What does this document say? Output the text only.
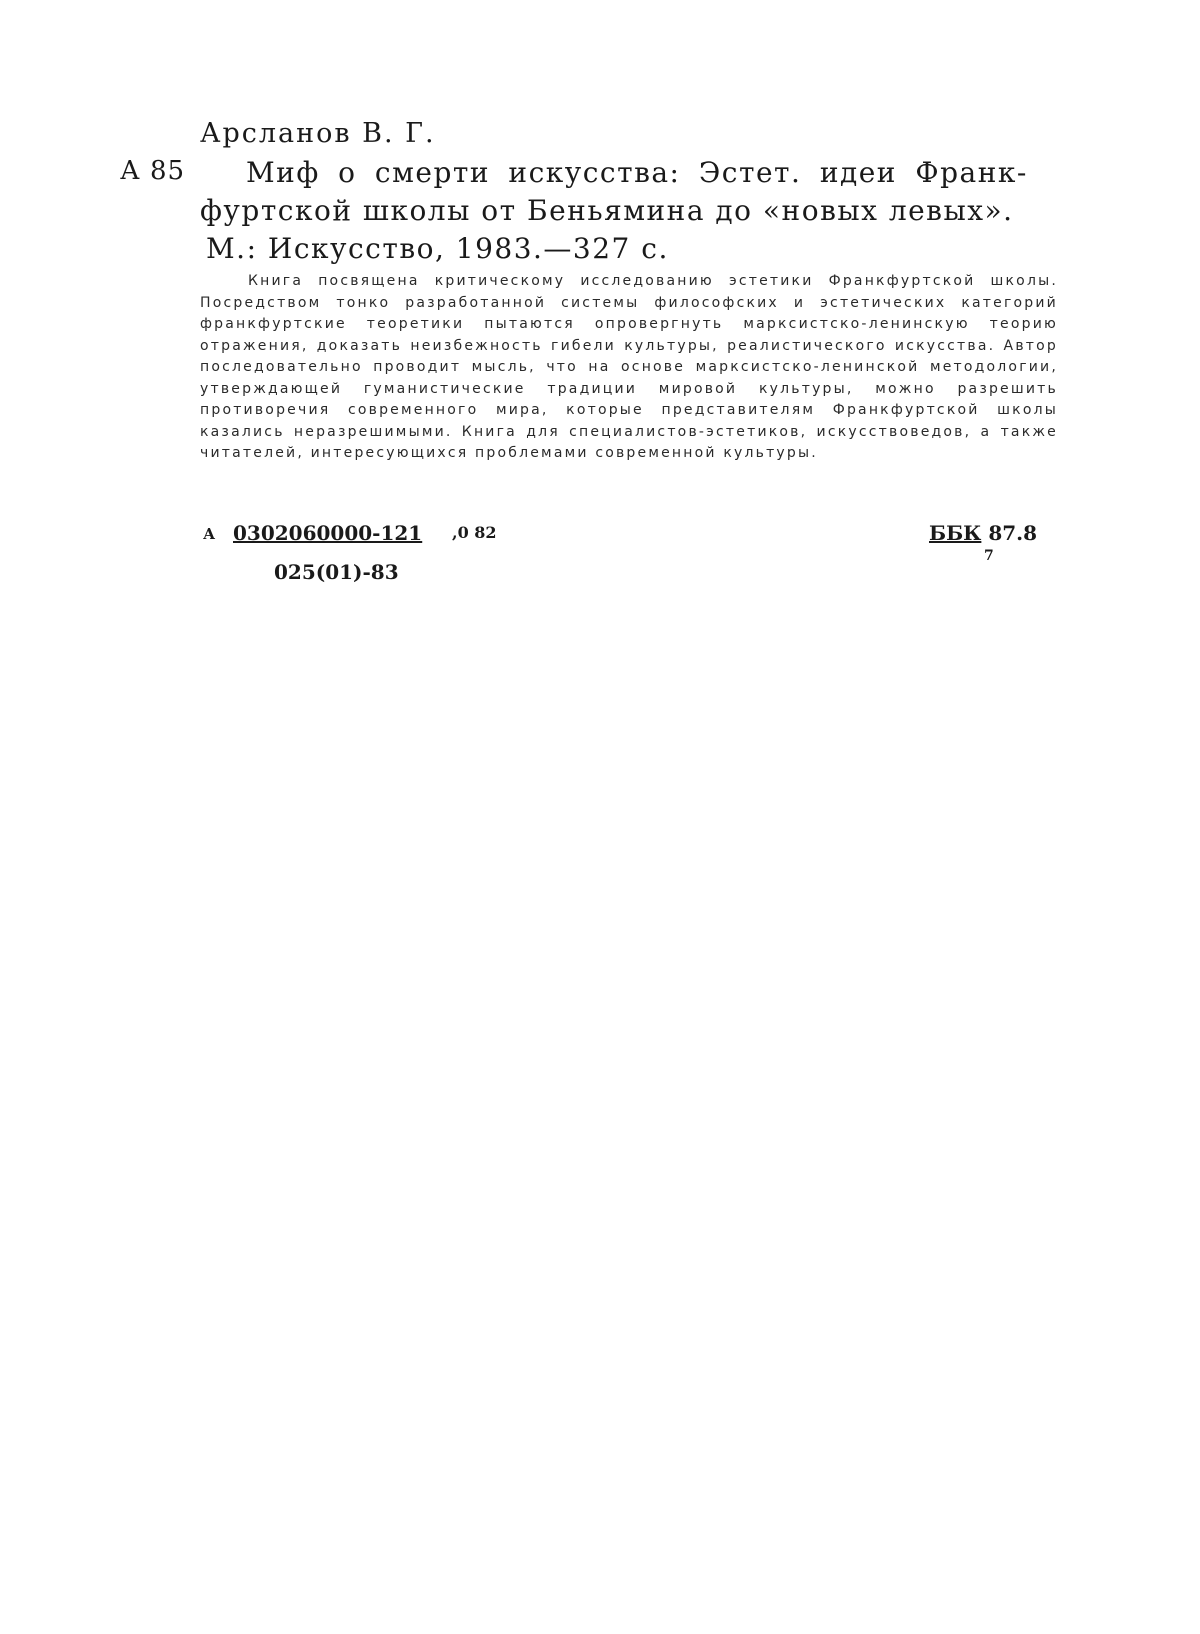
Арсланов В. Г.
А 85	Миф о смерти искусства: Эстет. идеи Франк-
фуртской школы от Беньямина до «новых левых».
М.: Искусство, 1983.—327 с.
Книга посвящена критическому исследованию эстетики Франкфуртской школы. Посредством тонко разработанной системы философских и эстетических категорий франкфуртские теоретики пытаются опровергнуть марксистско-ленинскую теорию отражения, доказать неизбежность гибели культуры, реалистического искусства. Автор последовательно проводит мысль, что на основе марксистско-ленинской методологии, утверждающей гуманистические традиции мировой культуры, можно разрешить противоречия современного мира, которые представителям Франкфуртской школы казались неразрешимыми. Книга для специалистов-эстетиков, искусствоведов, а также читателей, интересующихся проблемами современной культуры.
А 0302060000-121 ,0 82
025(01)-83
ББК 87.8
7
